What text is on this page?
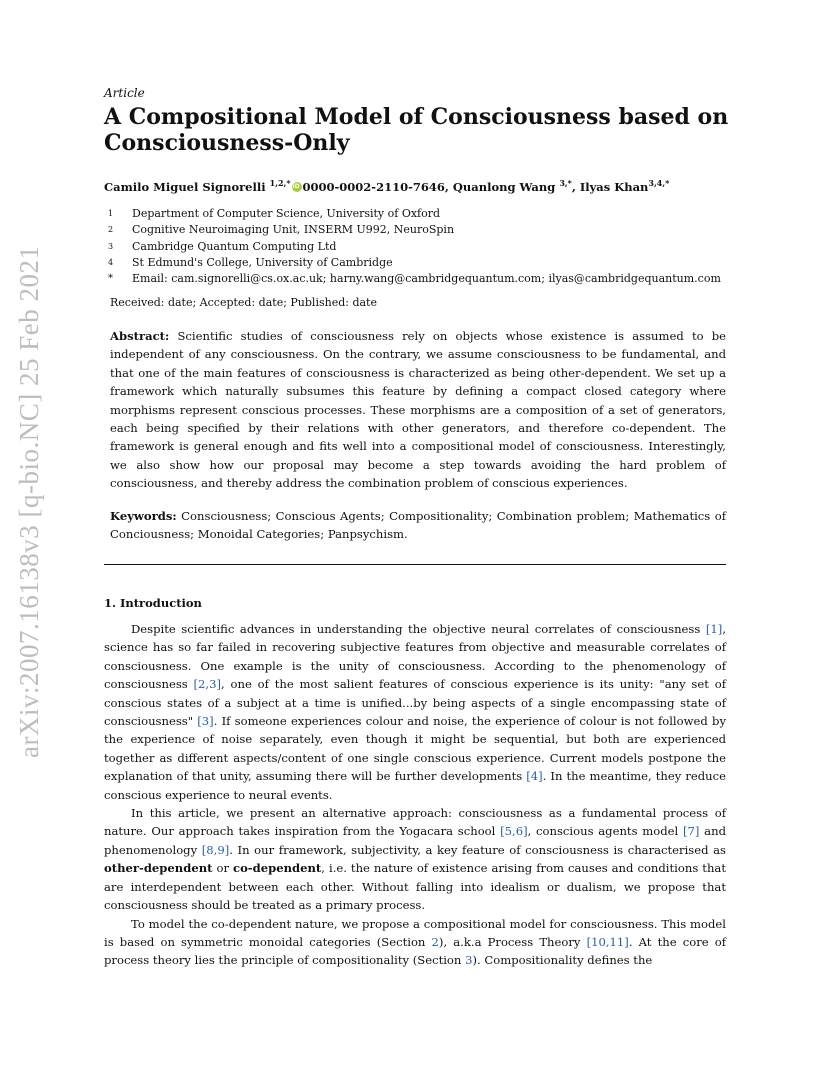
arXiv:2007.16138v3 [q-bio.NC] 25 Feb 2021
Article
A Compositional Model of Consciousness based on Consciousness-Only
Camilo Miguel Signorelli $^{1,2,*}$iD 0000-0002-2110-7646, Quanlong Wang $^{3,*}$, Ilyas Khan$^{3,4,*}$
1	Department of Computer Science, University of Oxford
2	Cognitive Neuroimaging Unit, INSERM U992, NeuroSpin
3	Cambridge Quantum Computing Ltd
4	St Edmund's College, University of Cambridge
*	Email: cam.signorelli@cs.ox.ac.uk; harny.wang@cambridgequantum.com; ilyas@cambridgequantum.com
Received: date; Accepted: date; Published: date
Abstract: Scientific studies of consciousness rely on objects whose existence is assumed to be independent of any consciousness. On the contrary, we assume consciousness to be fundamental, and that one of the main features of consciousness is characterized as being other-dependent. We set up a framework which naturally subsumes this feature by defining a compact closed category where morphisms represent conscious processes. These morphisms are a composition of a set of generators, each being specified by their relations with other generators, and therefore co-dependent. The framework is general enough and fits well into a compositional model of consciousness. Interestingly, we also show how our proposal may become a step towards avoiding the hard problem of consciousness, and thereby address the combination problem of conscious experiences.
Keywords: Consciousness; Conscious Agents; Compositionality; Combination problem; Mathematics of Conciousness; Monoidal Categories; Panpsychism.
1. Introduction

Despite scientific advances in understanding the objective neural correlates of consciousness [1], science has so far failed in recovering subjective features from objective and measurable correlates of consciousness. One example is the unity of consciousness. According to the phenomenology of consciousness [2,3], one of the most salient features of conscious experience is its unity: "any set of conscious states of a subject at a time is unified...by being aspects of a single encompassing state of consciousness" [3]. If someone experiences colour and noise, the experience of colour is not followed by the experience of noise separately, even though it might be sequential, but both are experienced together as different aspects/content of one single conscious experience. Current models postpone the explanation of that unity, assuming there will be further developments [4]. In the meantime, they reduce conscious experience to neural events.

In this article, we present an alternative approach: consciousness as a fundamental process of nature. Our approach takes inspiration from the Yogacara school [5,6], conscious agents model [7] and phenomenology [8,9]. In our framework, subjectivity, a key feature of consciousness is characterised as other-dependent or co-dependent, i.e. the nature of existence arising from causes and conditions that are interdependent between each other. Without falling into idealism or dualism, we propose that consciousness should be treated as a primary process.

To model the co-dependent nature, we propose a compositional model for consciousness. This model is based on symmetric monoidal categories (Section 2), a.k.a Process Theory [10,11]. At the core of process theory lies the principle of compositionality (Section 3). Compositionality defines the
